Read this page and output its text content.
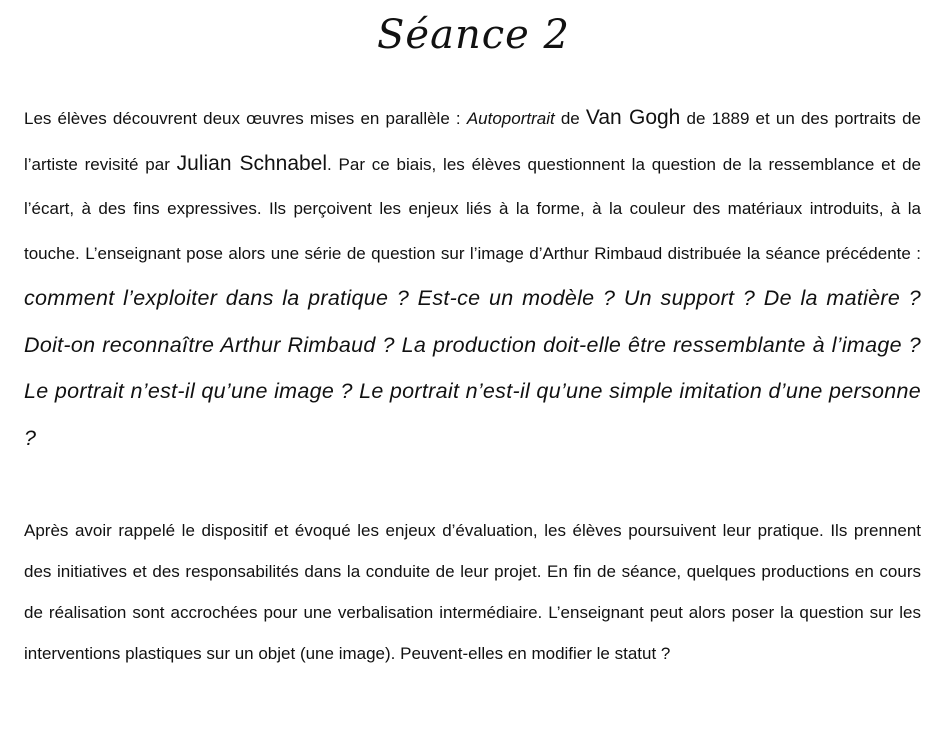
Séance 2

Les élèves découvrent deux œuvres mises en parallèle : Autoportrait de Van Gogh de 1889 et un des portraits de l’artiste revisité par Julian Schnabel. Par ce biais, les élèves questionnent la question de la ressemblance et de l’écart, à des fins expressives. Ils perçoivent les enjeux liés à la forme, à la couleur des matériaux introduits, à la touche. L’enseignant pose alors une série de question sur l’image d’Arthur Rimbaud distribuée la séance précédente : comment l’exploiter dans la pratique ? Est-ce un modèle ? Un support ? De la matière ? Doit-on reconnaître Arthur Rimbaud ? La production doit-elle être ressemblante à l’image ? Le portrait n’est-il qu’une image ? Le portrait n’est-il qu’une simple imitation d’une personne ?

Après avoir rappelé le dispositif et évoqué les enjeux d’évaluation, les élèves poursuivent leur pratique. Ils prennent des initiatives et des responsabilités dans la conduite de leur projet. En fin de séance, quelques productions en cours de réalisation sont accrochées pour une verbalisation intermédiaire. L’enseignant peut alors poser la question sur les interventions plastiques sur un objet (une image). Peuvent-elles en modifier le statut ?
